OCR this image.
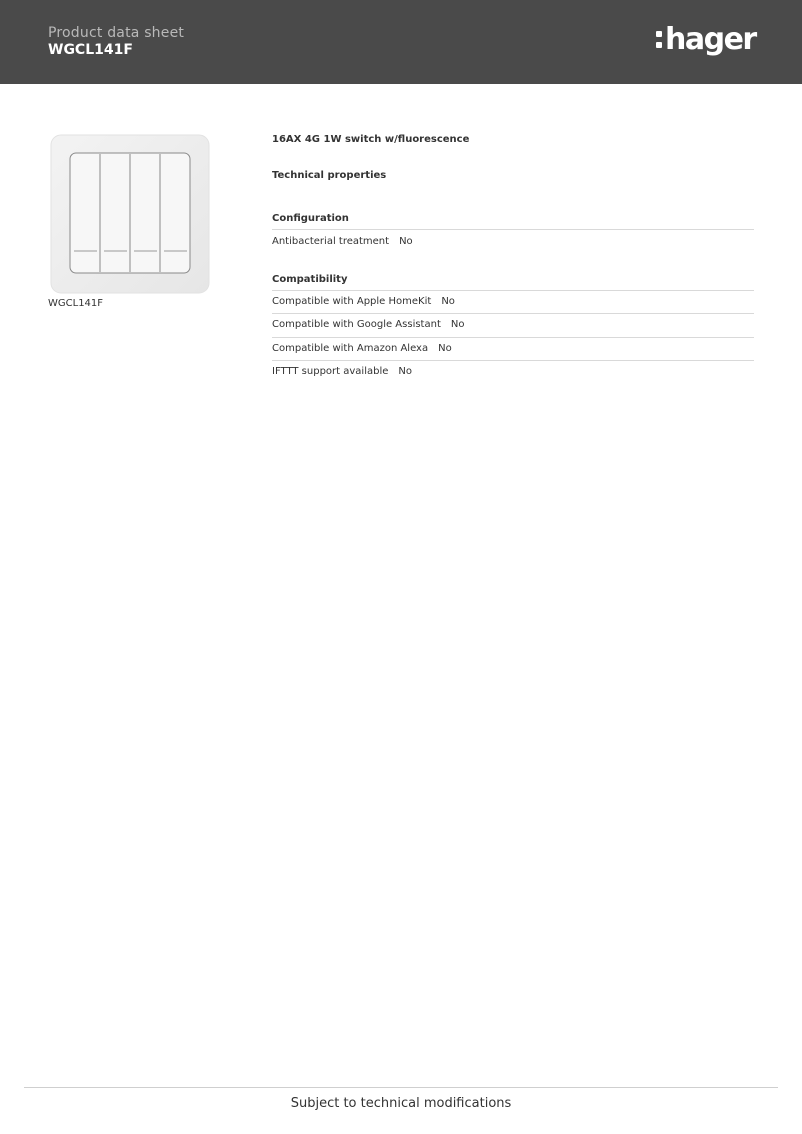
Product data sheet
WGCL141F	hager
WGCL141F
16AX 4G 1W switch w/fluorescence
Technical properties
Configuration
Antibacterial treatment No
Compatibility
Compatible with Apple HomeKit No
Compatible with Google Assistant No
Compatible with Amazon Alexa No
IFTTT support available No
Subject to technical modifications
